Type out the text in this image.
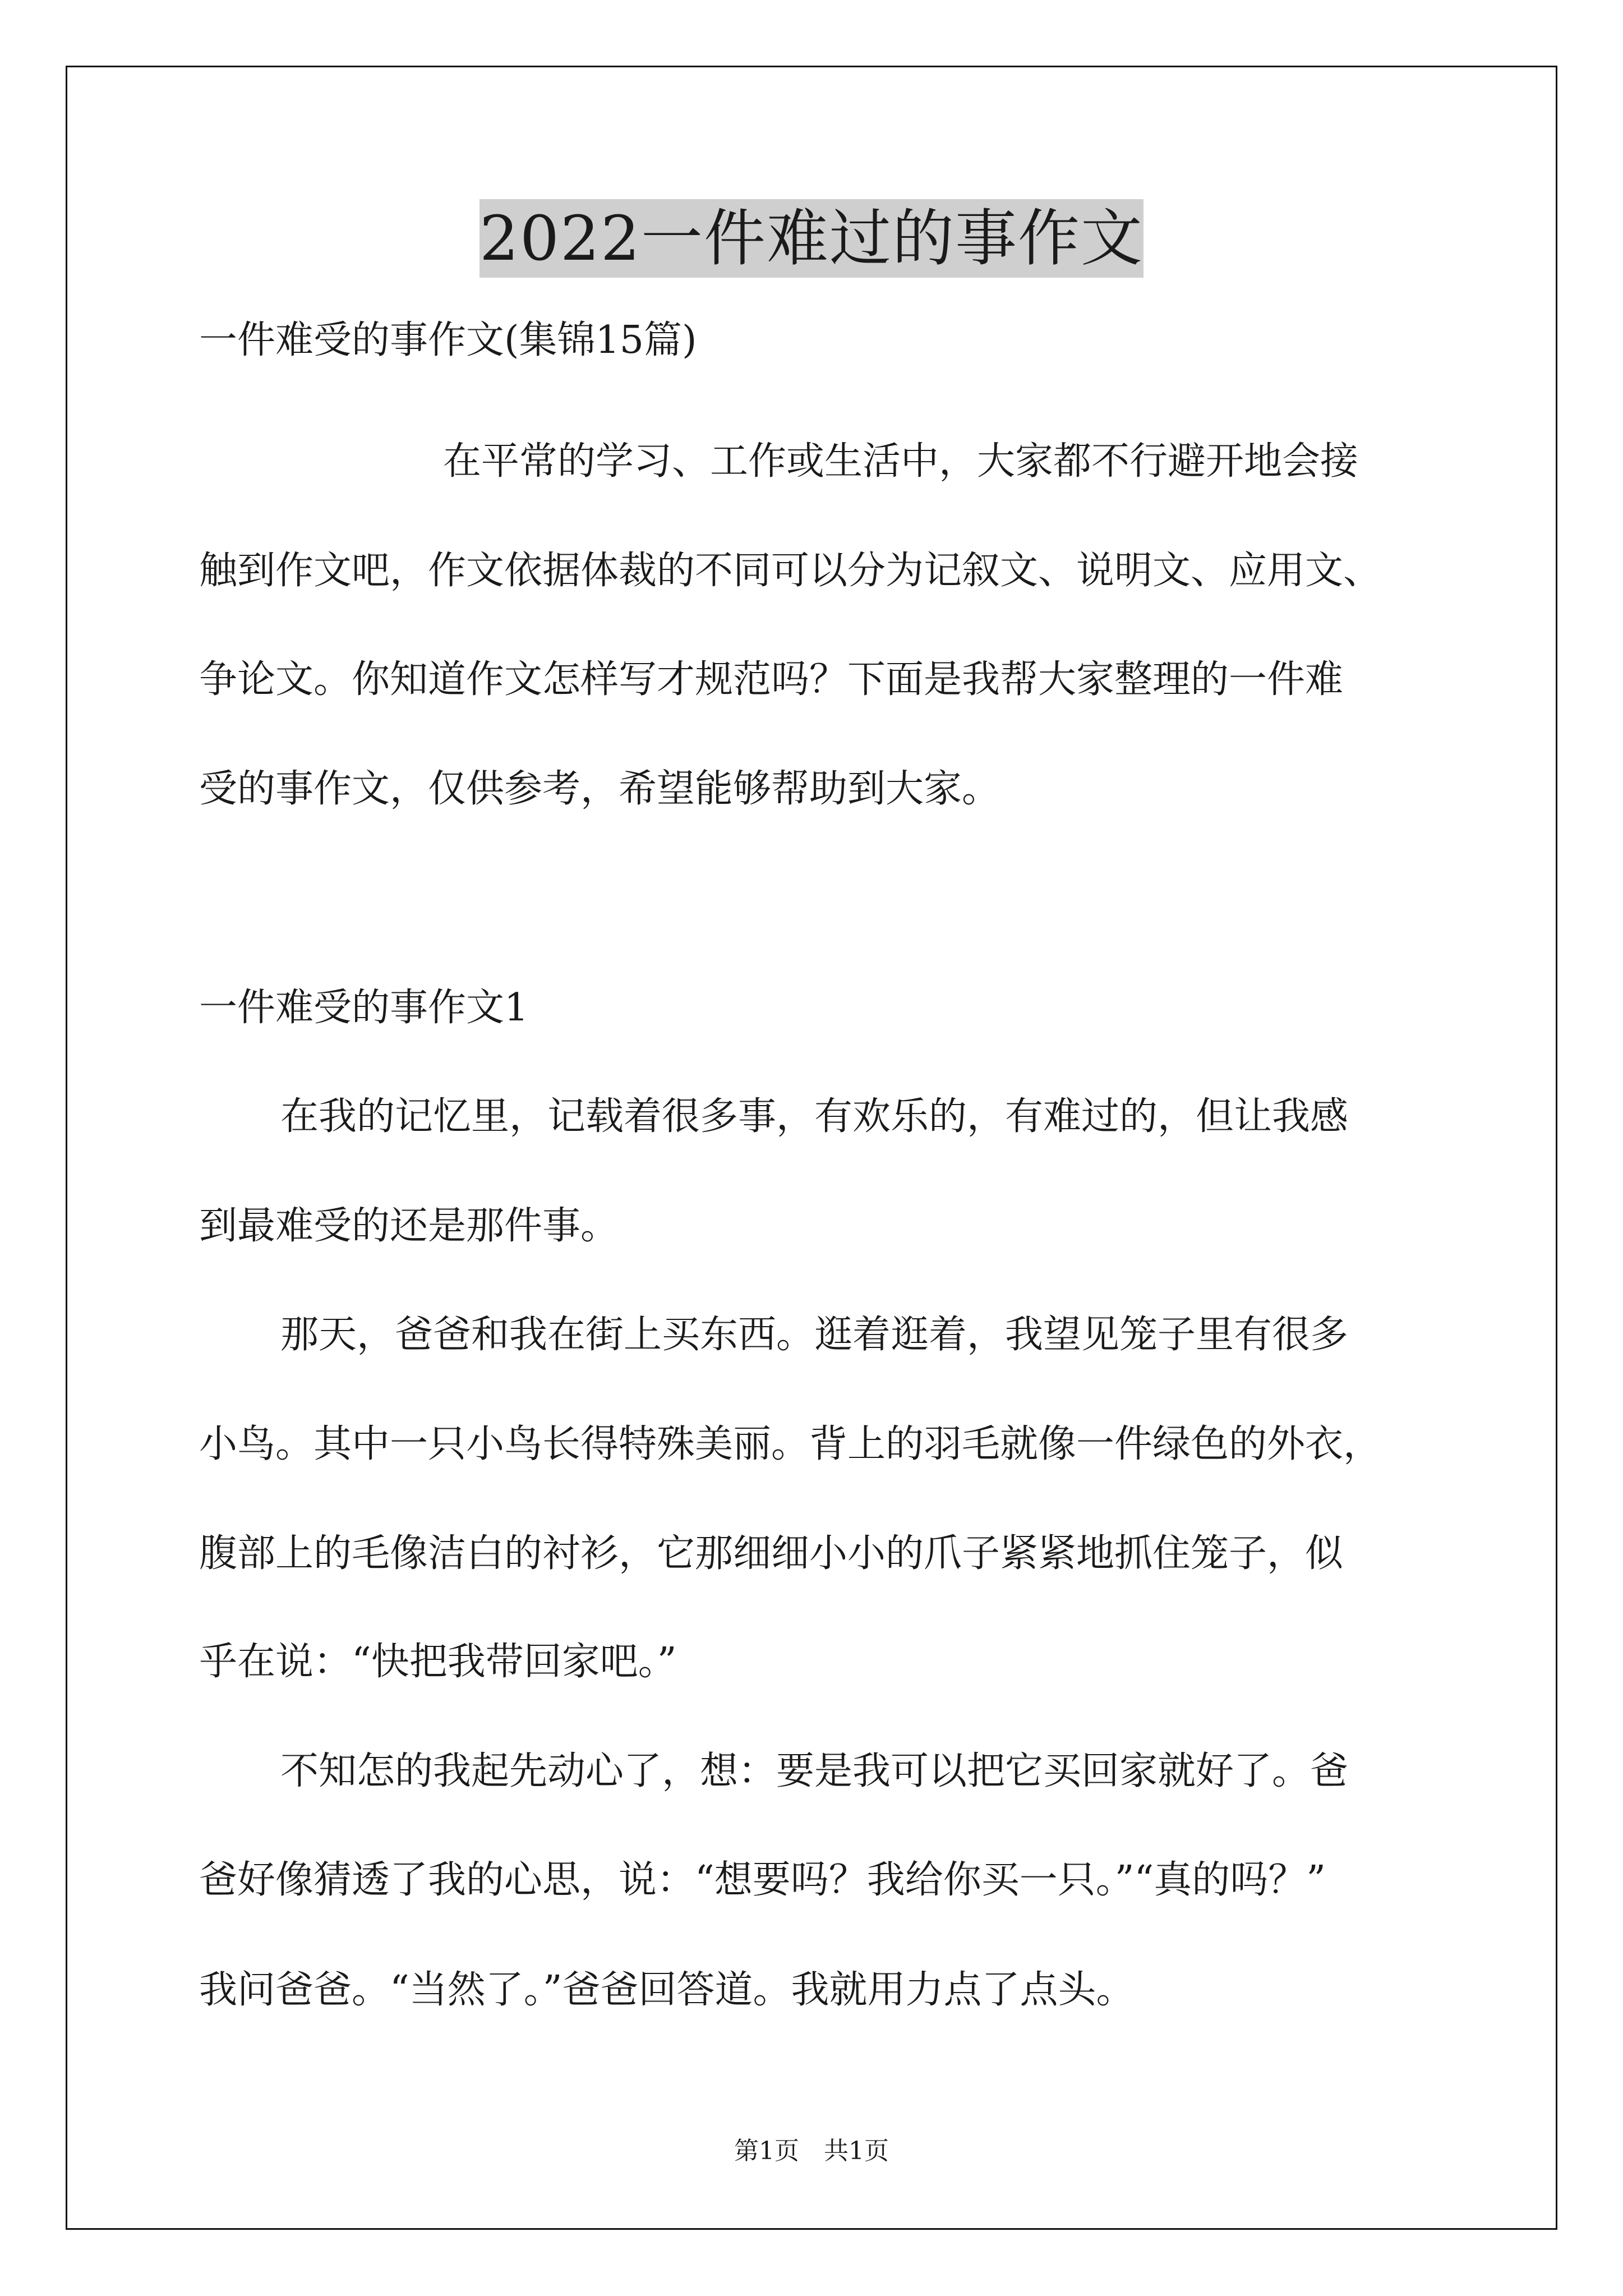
2022一件难过的事作文
一件难受的事作文(集锦15篇)
在平常的学习、工作或生活中，大家都不行避开地会接
触到作文吧，作文依据体裁的不同可以分为记叙文、说明文、应用文、
争论文。你知道作文怎样写才规范吗？下面是我帮大家整理的一件难
受的事作文，仅供参考，希望能够帮助到大家。
一件难受的事作文1
在我的记忆里，记载着很多事，有欢乐的，有难过的，但让我感
到最难受的还是那件事。
那天，爸爸和我在街上买东西。逛着逛着，我望见笼子里有很多
小鸟。其中一只小鸟长得特殊美丽。背上的羽毛就像一件绿色的外衣，
腹部上的毛像洁白的衬衫，它那细细小小的爪子紧紧地抓住笼子，似
乎在说：“快把我带回家吧。”
不知怎的我起先动心了，想：要是我可以把它买回家就好了。爸
爸好像猜透了我的心思，说：“想要吗？我给你买一只。”“真的吗？”
我问爸爸。“当然了。”爸爸回答道。我就用力点了点头。
第1页　共1页
